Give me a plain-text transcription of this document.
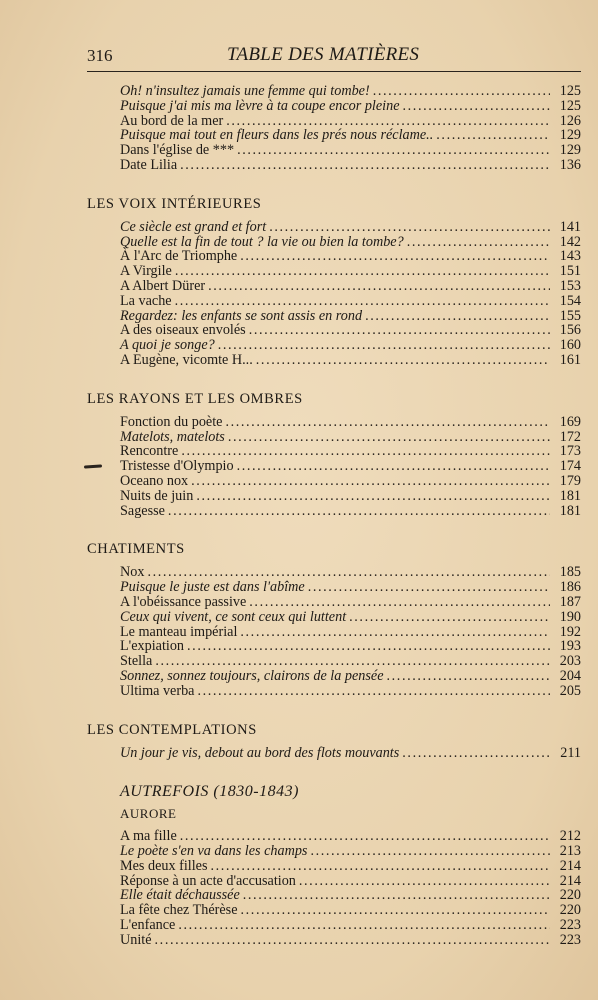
316	TABLE DES MATIÈRES
Oh! n'insultez jamais une femme qui tombe! .....	125
Puisque j'ai mis ma lèvre à ta coupe encor pleine .....	125
Au bord de la mer .....	126
Puisque mai tout en fleurs dans les prés nous réclame.. .....	129
Dans l'église de *** .....	129
Date Lilia .....	136
LES VOIX INTÉRIEURES
Ce siècle est grand et fort .....	141
Quelle est la fin de tout ? la vie ou bien la tombe? .....	142
À l'Arc de Triomphe .....	143
A Virgile .....	151
A Albert Dürer .....	153
La vache .....	154
Regardez: les enfants se sont assis en rond .....	155
A des oiseaux envolés .....	156
A quoi je songe? .....	160
A Eugène, vicomte H... .....	161
LES RAYONS ET LES OMBRES
Fonction du poète .....	169
Matelots, matelots .....	172
Rencontre .....	173
Tristesse d'Olympio .....	174
Oceano nox .....	179
Nuits de juin .....	181
Sagesse .....	181
CHATIMENTS
Nox .....	185
Puisque le juste est dans l'abîme .....	186
A l'obéissance passive .....	187
Ceux qui vivent, ce sont ceux qui luttent .....	190
Le manteau impérial .....	192
L'expiation .....	193
Stella .....	203
Sonnez, sonnez toujours, clairons de la pensée .....	204
Ultima verba .....	205
LES CONTEMPLATIONS
Un jour je vis, debout au bord des flots mouvants .....	211
AUTREFOIS (1830-1843)
AURORE
A ma fille .....	212
Le poète s'en va dans les champs .....	213
Mes deux filles .....	214
Réponse à un acte d'accusation .....	214
Elle était déchaussée .....	220
La fête chez Thérèse .....	220
L'enfance .....	223
Unité .....	223
